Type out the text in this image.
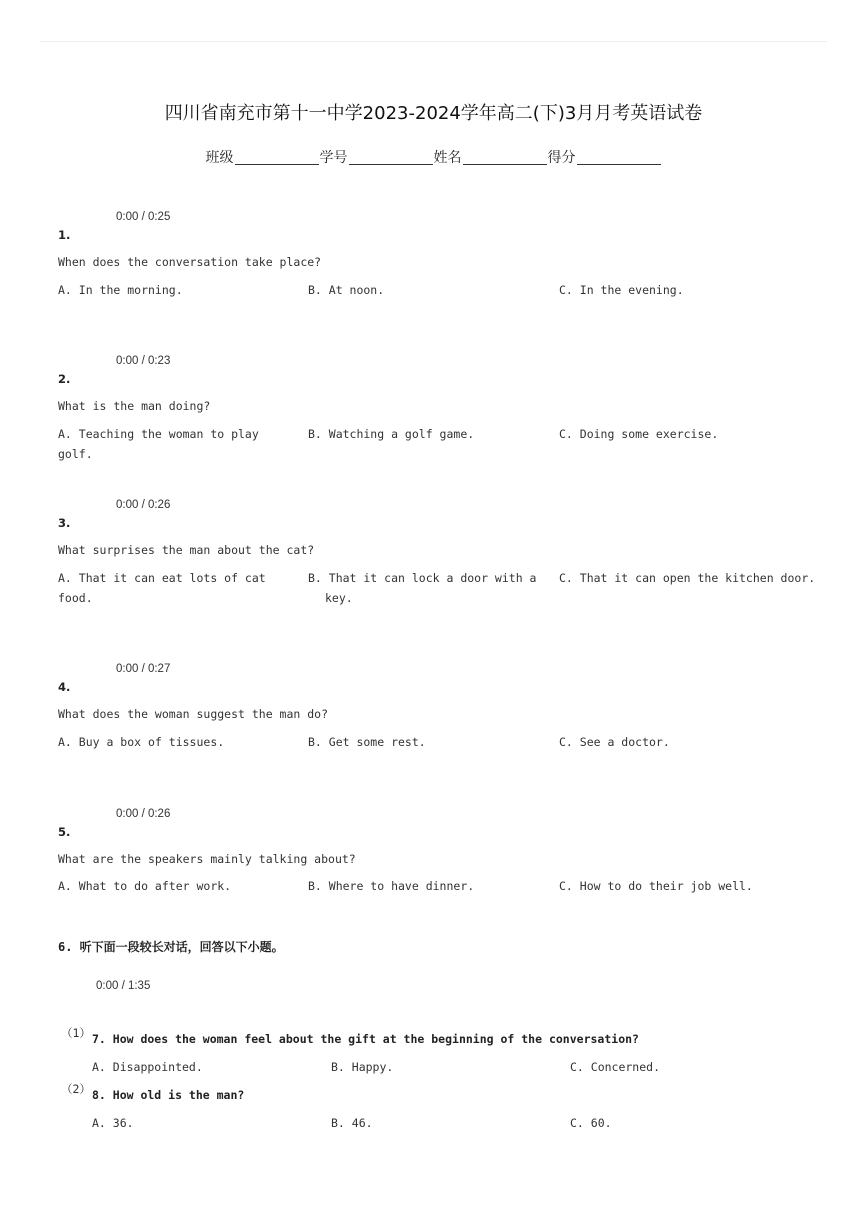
四川省南充市第十一中学2023-2024学年高二(下)3月月考英语试卷
班级	学号	姓名	得分
0:00 / 0:25
1.
When does the conversation take place?
A. In the morning.	B. At noon.	C. In the evening.
0:00 / 0:23
2.
What is the man doing?
A. Teaching the woman to play golf.
B. Watching a golf game.	C. Doing some exercise.
0:00 / 0:26
3.
What surprises the man about the cat?
A. That it can eat lots of cat food.
B. That it can lock a door with a
key.
C. That it can open the kitchen door.
0:00 / 0:27
4.
What does the woman suggest the man do?
A. Buy a box of tissues.	B. Get some rest.	C. See a doctor.
0:00 / 0:26
5.
What are the speakers mainly talking about?
A. What to do after work.	B. Where to have dinner.	C. How to do their job well.
6. 听下面一段较长对话，回答以下小题。
0:00 / 1:35
（1） 7. How does the woman feel about the gift at the beginning of the conversation?
A. Disappointed.	B. Happy.	C. Concerned.
（2） 8. How old is the man?
A. 36.	B. 46.	C. 60.
